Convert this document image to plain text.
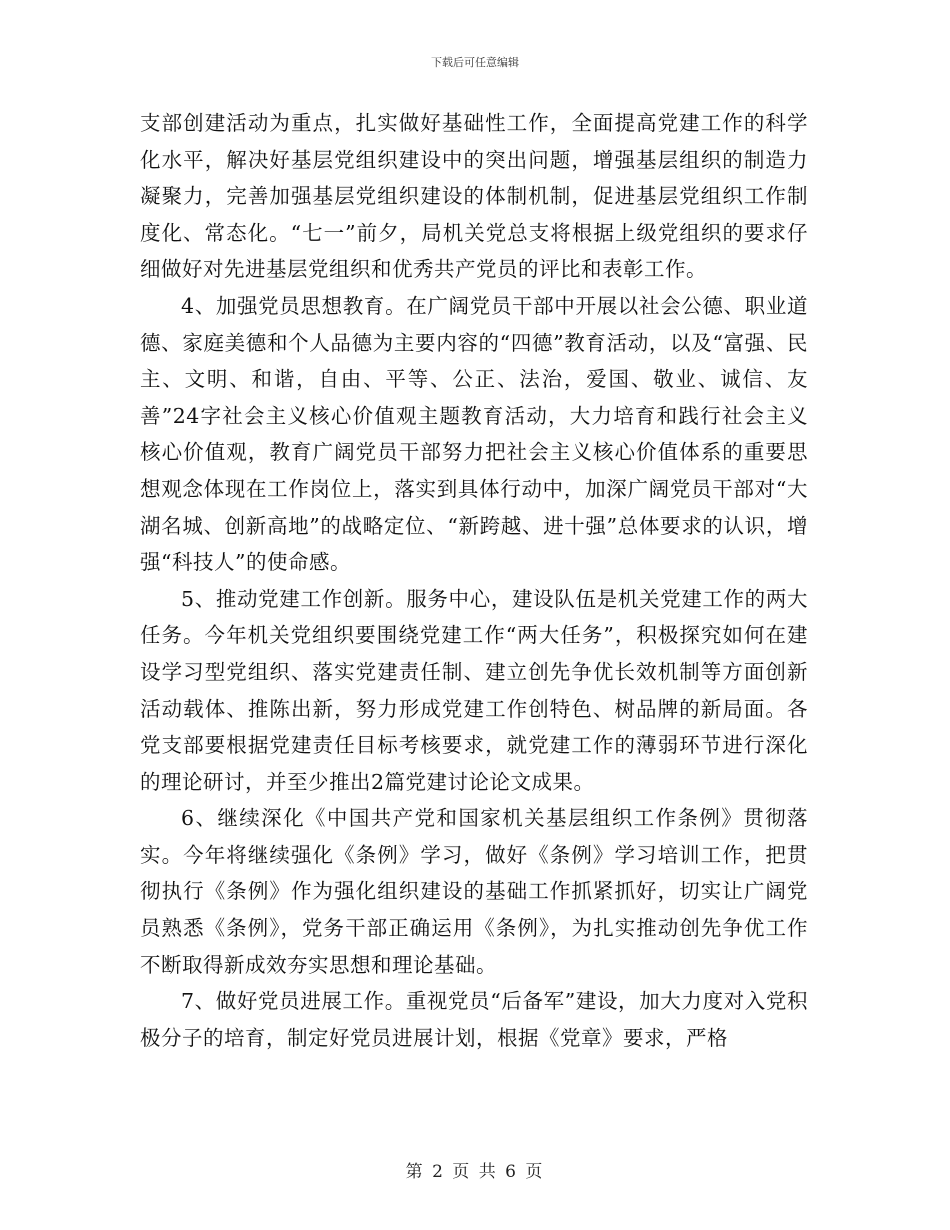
下载后可任意编辑

支部创建活动为重点，扎实做好基础性工作，全面提高党建工作的科学化水平，解决好基层党组织建设中的突出问题，增强基层组织的制造力凝聚力，完善加强基层党组织建设的体制机制，促进基层党组织工作制度化、常态化。“七一”前夕，局机关党总支将根据上级党组织的要求仔细做好对先进基层党组织和优秀共产党员的评比和表彰工作。

4、加强党员思想教育。在广阔党员干部中开展以社会公德、职业道德、家庭美德和个人品德为主要内容的“四德”教育活动，以及“富强、民主、文明、和谐，自由、平等、公正、法治，爱国、敬业、诚信、友善”24字社会主义核心价值观主题教育活动，大力培育和践行社会主义核心价值观，教育广阔党员干部努力把社会主义核心价值体系的重要思想观念体现在工作岗位上，落实到具体行动中，加深广阔党员干部对“大湖名城、创新高地”的战略定位、“新跨越、进十强”总体要求的认识，增强“科技人”的使命感。

5、推动党建工作创新。服务中心，建设队伍是机关党建工作的两大任务。今年机关党组织要围绕党建工作“两大任务”，积极探究如何在建设学习型党组织、落实党建责任制、建立创先争优长效机制等方面创新活动载体、推陈出新，努力形成党建工作创特色、树品牌的新局面。各党支部要根据党建责任目标考核要求，就党建工作的薄弱环节进行深化的理论研讨，并至少推出2篇党建讨论论文成果。

6、继续深化《中国共产党和国家机关基层组织工作条例》贯彻落实。今年将继续强化《条例》学习，做好《条例》学习培训工作，把贯彻执行《条例》作为强化组织建设的基础工作抓紧抓好，切实让广阔党员熟悉《条例》，党务干部正确运用《条例》，为扎实推动创先争优工作不断取得新成效夯实思想和理论基础。

7、做好党员进展工作。重视党员“后备军”建设，加大力度对入党积极分子的培育，制定好党员进展计划，根据《党章》要求，严格

第 2 页 共 6 页
